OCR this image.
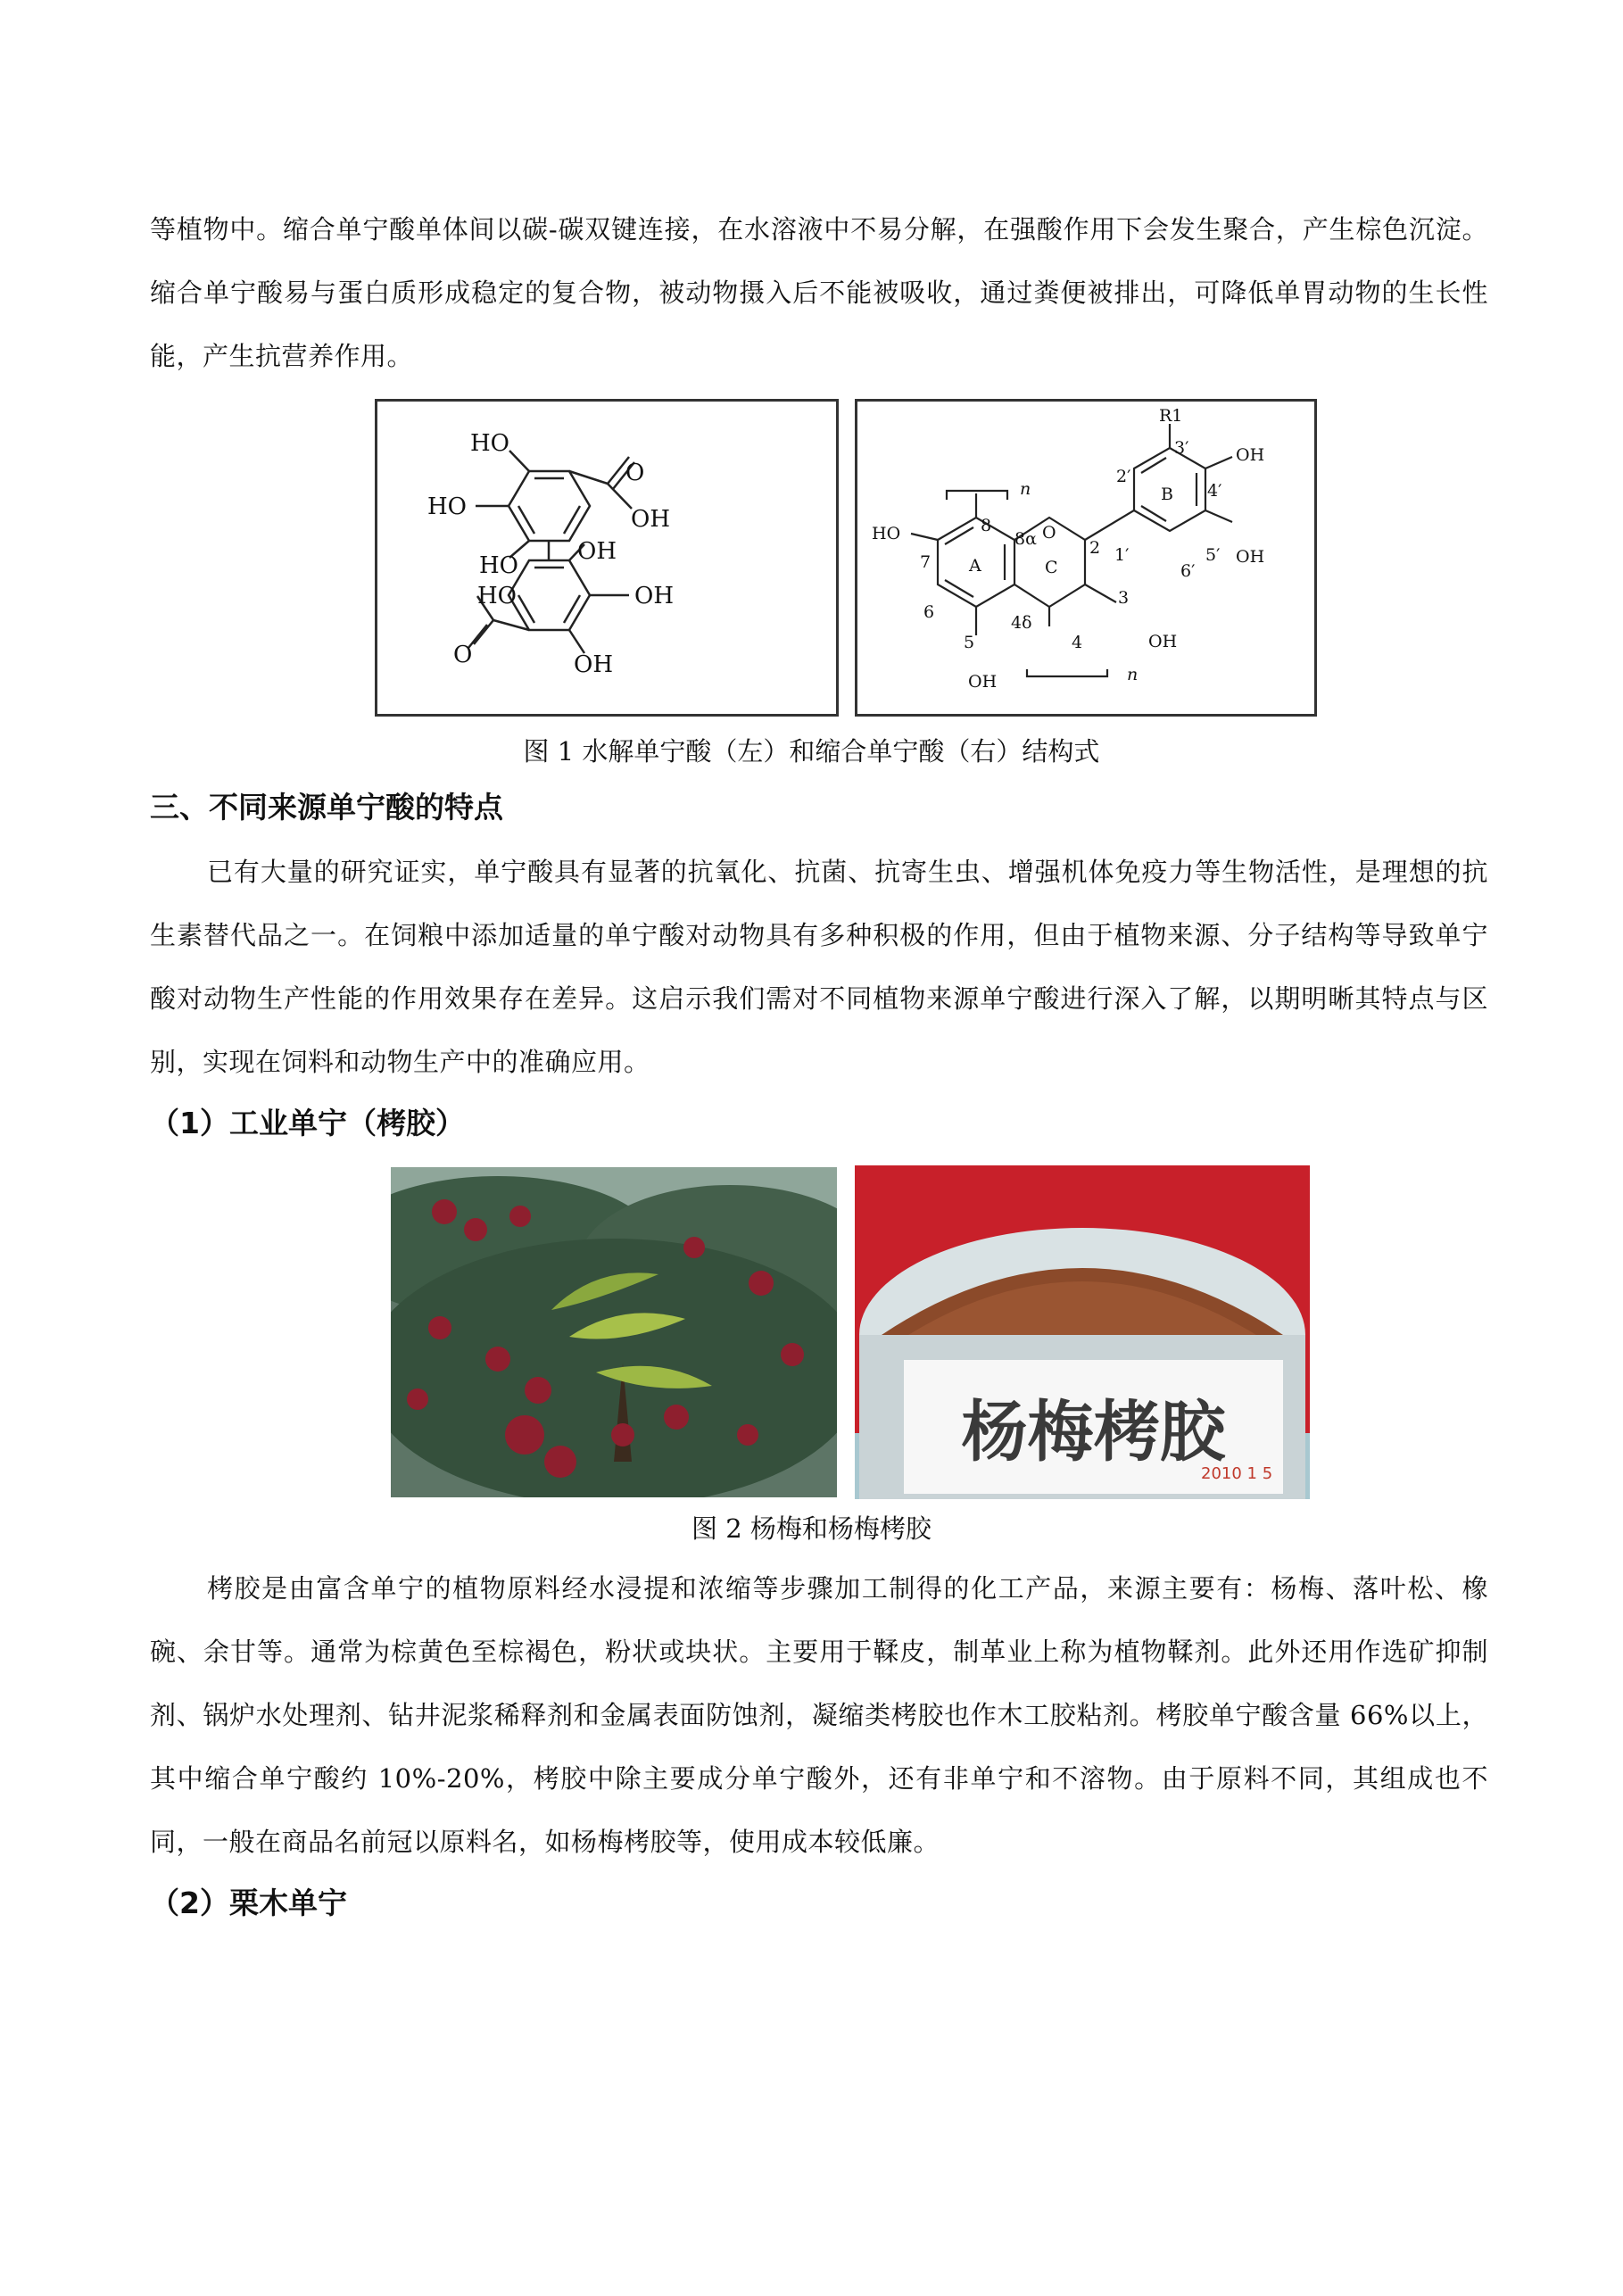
等植物中。缩合单宁酸单体间以碳-碳双键连接，在水溶液中不易分解，在强酸作用下会发生聚合，产生棕色沉淀。缩合单宁酸易与蛋白质形成稳定的复合物，被动物摄入后不能被吸收，通过粪便被排出，可降低单胃动物的生长性能，产生抗营养作用。

HO
HO
HO
HO
O
OH
OH
OH
OH
O
R1
3′
2′
OH
4′
B
n
HO
7
8
8α O
2 1′
A	C
5′ OH
6′
6
3
4δ
5	4	OH
OH	n

图 1 水解单宁酸（左）和缩合单宁酸（右）结构式

三、不同来源单宁酸的特点

已有大量的研究证实，单宁酸具有显著的抗氧化、抗菌、抗寄生虫、增强机体免疫力等生物活性，是理想的抗生素替代品之一。在饲粮中添加适量的单宁酸对动物具有多种积极的作用，但由于植物来源、分子结构等导致单宁酸对动物生产性能的作用效果存在差异。这启示我们需对不同植物来源单宁酸进行深入了解，以期明晰其特点与区别，实现在饲料和动物生产中的准确应用。

（1）工业单宁（栲胶）
杨梅栲胶
2010 1 5

图 2 杨梅和杨梅栲胶

栲胶是由富含单宁的植物原料经水浸提和浓缩等步骤加工制得的化工产品，来源主要有：杨梅、落叶松、橡碗、余甘等。通常为棕黄色至棕褐色，粉状或块状。主要用于鞣皮，制革业上称为植物鞣剂。此外还用作选矿抑制剂、锅炉水处理剂、钻井泥浆稀释剂和金属表面防蚀剂，凝缩类栲胶也作木工胶粘剂。栲胶单宁酸含量 66%以上，其中缩合单宁酸约 10%-20%，栲胶中除主要成分单宁酸外，还有非单宁和不溶物。由于原料不同，其组成也不同，一般在商品名前冠以原料名，如杨梅栲胶等，使用成本较低廉。

（2）栗木单宁
